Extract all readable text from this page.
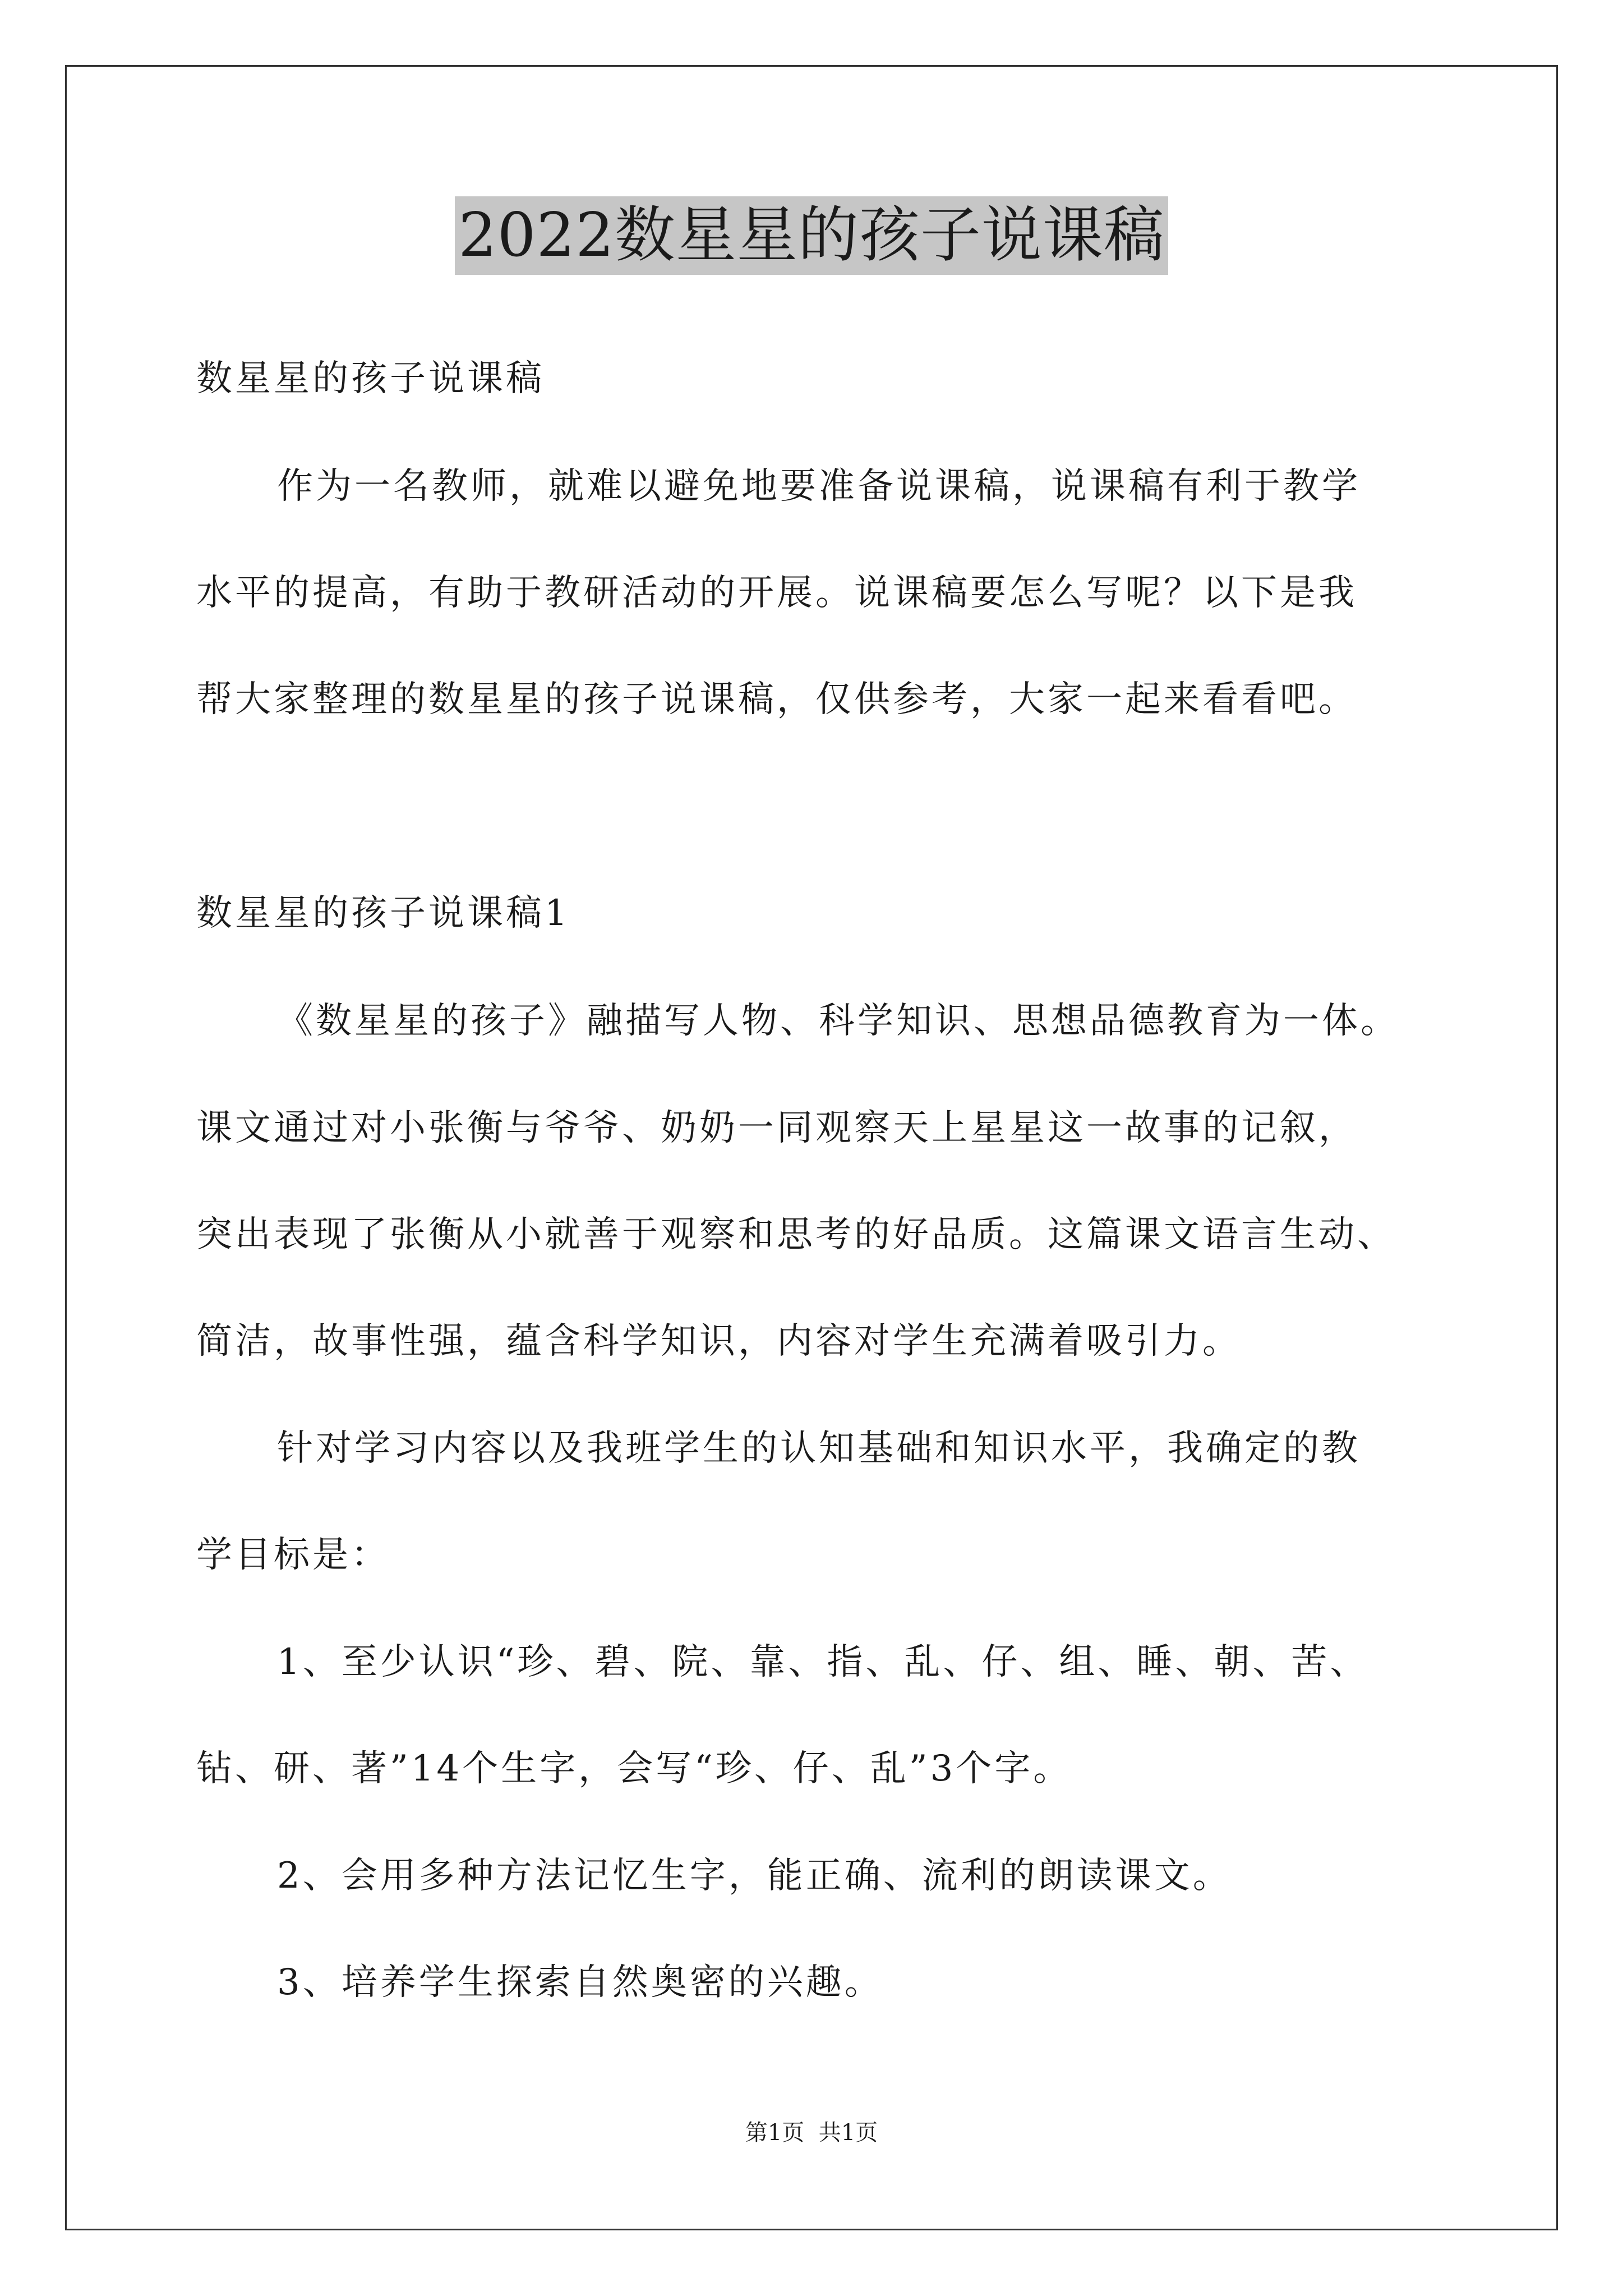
2022数星星的孩子说课稿
数星星的孩子说课稿
作为一名教师，就难以避免地要准备说课稿，说课稿有利于教学
水平的提高，有助于教研活动的开展。说课稿要怎么写呢？以下是我
帮大家整理的数星星的孩子说课稿，仅供参考，大家一起来看看吧。
数星星的孩子说课稿1
《数星星的孩子》融描写人物、科学知识、思想品德教育为一体。
课文通过对小张衡与爷爷、奶奶一同观察天上星星这一故事的记叙，
突出表现了张衡从小就善于观察和思考的好品质。这篇课文语言生动、
简洁，故事性强，蕴含科学知识，内容对学生充满着吸引力。
针对学习内容以及我班学生的认知基础和知识水平，我确定的教
学目标是：
1、至少认识“珍、碧、院、靠、指、乱、仔、组、睡、朝、苦、
钻、研、著”14个生字，会写“珍、仔、乱”3个字。
2、会用多种方法记忆生字，能正确、流利的朗读课文。
3、培养学生探索自然奥密的兴趣。
第1页  共1页
